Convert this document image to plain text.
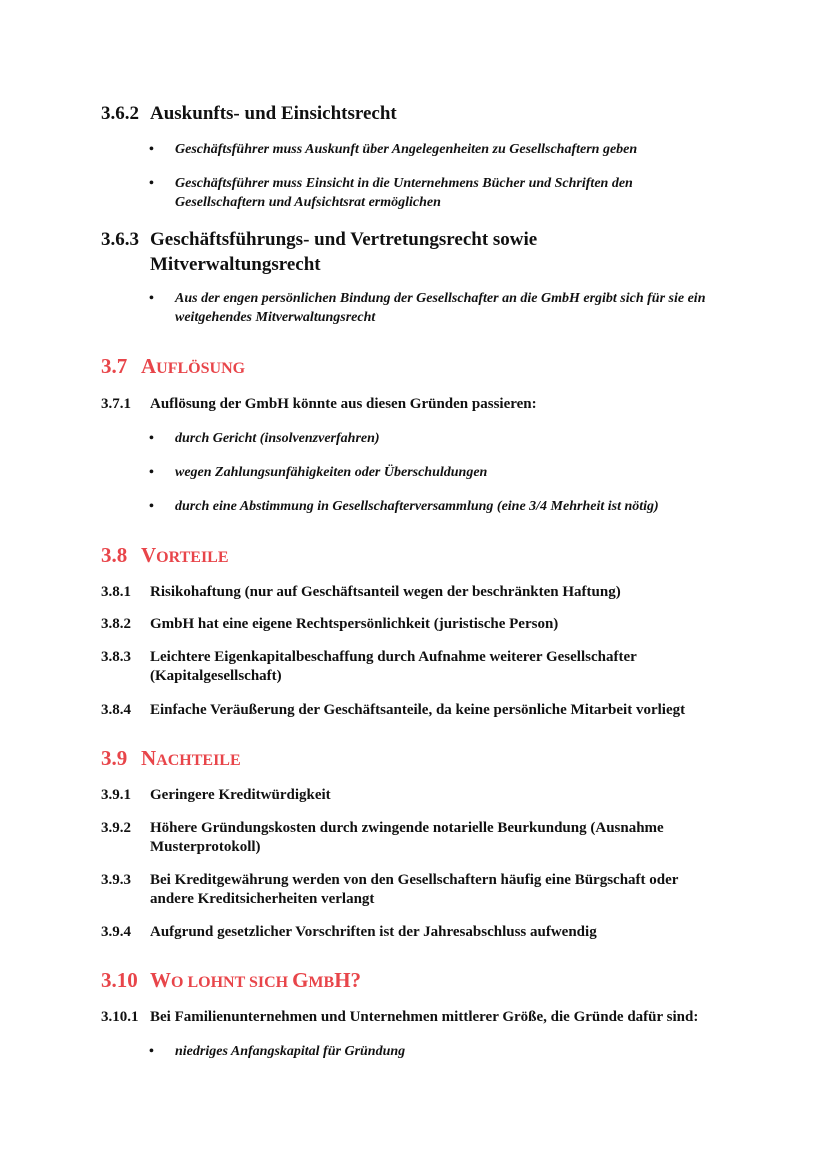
3.6.2 Auskunfts- und Einsichtsrecht
• Geschäftsführer muss Auskunft über Angelegenheiten zu Gesellschaftern geben
• Geschäftsführer muss Einsicht in die Unternehmens Bücher und Schriften den Gesellschaftern und Aufsichtsrat ermöglichen
3.6.3 Geschäftsführungs- und Vertretungsrecht sowie Mitverwaltungsrecht
• Aus der engen persönlichen Bindung der Gesellschafter an die GmbH ergibt sich für sie ein weitgehendes Mitverwaltungsrecht
3.7 AUFLÖSUNG
3.7.1 Auflösung der GmbH könnte aus diesen Gründen passieren:
• durch Gericht (insolvenzverfahren)
• wegen Zahlungsunfähigkeiten oder Überschuldungen
• durch eine Abstimmung in Gesellschafterversammlung (eine 3/4 Mehrheit ist nötig)
3.8 VORTEILE
3.8.1 Risikohaftung (nur auf Geschäftsanteil wegen der beschränkten Haftung)
3.8.2 GmbH hat eine eigene Rechtspersönlichkeit (juristische Person)
3.8.3 Leichtere Eigenkapitalbeschaffung durch Aufnahme weiterer Gesellschafter (Kapitalgesellschaft)
3.8.4 Einfache Veräußerung der Geschäftsanteile, da keine persönliche Mitarbeit vorliegt
3.9 NACHTEILE
3.9.1 Geringere Kreditwürdigkeit
3.9.2 Höhere Gründungskosten durch zwingende notarielle Beurkundung (Ausnahme Musterprotokoll)
3.9.3 Bei Kreditgewährung werden von den Gesellschaftern häufig eine Bürgschaft oder andere Kreditsicherheiten verlangt
3.9.4 Aufgrund gesetzlicher Vorschriften ist der Jahresabschluss aufwendig
3.10 WO LOHNT SICH GMBH?
3.10.1 Bei Familienunternehmen und Unternehmen mittlerer Größe, die Gründe dafür sind:
• niedriges Anfangskapital für Gründung
